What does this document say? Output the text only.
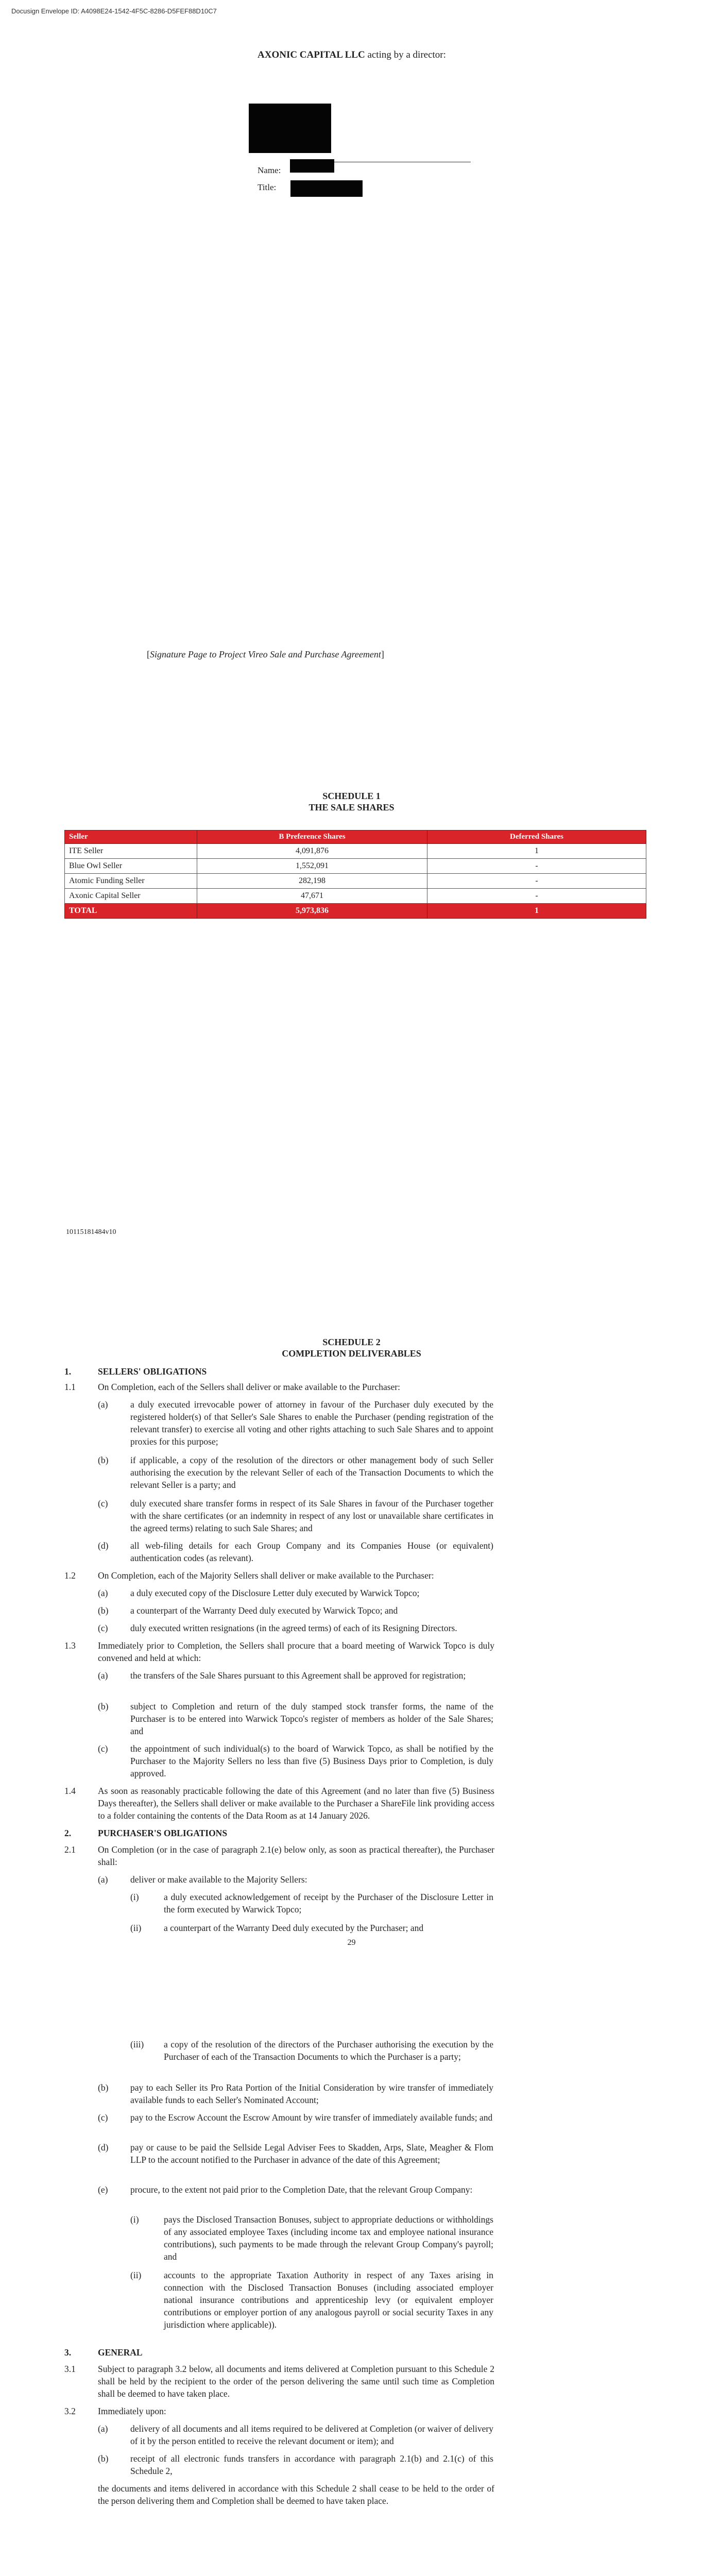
Docusign Envelope ID: A4098E24-1542-4F5C-8286-D5FEF88D10C7
AXONIC CAPITAL LLC acting by a director:
Name:
Title:
[Signature Page to Project Vireo Sale and Purchase Agreement]
SCHEDULE 1
THE SALE SHARES
Seller	B Preference Shares	Deferred Shares
ITE Seller	4,091,876	1
Blue Owl Seller	1,552,091	-
Atomic Funding Seller	282,198	-
Axonic Capital Seller	47,671	-
TOTAL	5,973,836	1
10115181484v10
SCHEDULE 2
COMPLETION DELIVERABLES
1.	SELLERS' OBLIGATIONS
1.1 On Completion, each of the Sellers shall deliver or make available to the Purchaser:
(a) a duly executed irrevocable power of attorney in favour of the Purchaser duly executed by the registered holder(s) of that Seller's Sale Shares to enable the Purchaser (pending registration of the relevant transfer) to exercise all voting and other rights attaching to such Sale Shares and to appoint proxies for this purpose;
(b) if applicable, a copy of the resolution of the directors or other management body of such Seller authorising the execution by the relevant Seller of each of the Transaction Documents to which the relevant Seller is a party; and
(c) duly executed share transfer forms in respect of its Sale Shares in favour of the Purchaser together with the share certificates (or an indemnity in respect of any lost or unavailable share certificates in the agreed terms) relating to such Sale Shares; and
(d) all web-filing details for each Group Company and its Companies House (or equivalent) authentication codes (as relevant).
1.2 On Completion, each of the Majority Sellers shall deliver or make available to the Purchaser:
(a) a duly executed copy of the Disclosure Letter duly executed by Warwick Topco;
(b) a counterpart of the Warranty Deed duly executed by Warwick Topco; and
(c) duly executed written resignations (in the agreed terms) of each of its Resigning Directors.
1.3 Immediately prior to Completion, the Sellers shall procure that a board meeting of Warwick Topco is duly convened and held at which:
(a) the transfers of the Sale Shares pursuant to this Agreement shall be approved for registration;
(b) subject to Completion and return of the duly stamped stock transfer forms, the name of the Purchaser is to be entered into Warwick Topco's register of members as holder of the Sale Shares; and
(c) the appointment of such individual(s) to the board of Warwick Topco, as shall be notified by the Purchaser to the Majority Sellers no less than five (5) Business Days prior to Completion, is duly approved.
1.4 As soon as reasonably practicable following the date of this Agreement (and no later than five (5) Business Days thereafter), the Sellers shall deliver or make available to the Purchaser a ShareFile link providing access to a folder containing the contents of the Data Room as at 14 January 2026.
2.	PURCHASER'S OBLIGATIONS
2.1 On Completion (or in the case of paragraph 2.1(e) below only, as soon as practical thereafter), the Purchaser shall:
(a) deliver or make available to the Majority Sellers:
(i)	a duly executed acknowledgement of receipt by the Purchaser of the Disclosure Letter in the form executed by Warwick Topco;
(ii) a counterpart of the Warranty Deed duly executed by the Purchaser; and
29
(iii) a copy of the resolution of the directors of the Purchaser authorising the execution by the Purchaser of each of the Transaction Documents to which the Purchaser is a party;
(b) pay to each Seller its Pro Rata Portion of the Initial Consideration by wire transfer of immediately available funds to each Seller's Nominated Account;
(c) pay to the Escrow Account the Escrow Amount by wire transfer of immediately available funds; and
(d) pay or cause to be paid the Sellside Legal Adviser Fees to Skadden, Arps, Slate, Meagher & Flom LLP to the account notified to the Purchaser in advance of the date of this Agreement;
(e) procure, to the extent not paid prior to the Completion Date, that the relevant Group Company:
(i)	pays the Disclosed Transaction Bonuses, subject to appropriate deductions or withholdings of any associated employee Taxes (including income tax and employee national insurance contributions), such payments to be made through the relevant Group Company's payroll; and
(ii) accounts to the appropriate Taxation Authority in respect of any Taxes arising in connection with the Disclosed Transaction Bonuses (including associated employer national insurance contributions and apprenticeship levy (or equivalent employer contributions or employer portion of any analogous payroll or social security Taxes in any jurisdiction where applicable)).
3.	GENERAL
3.1 Subject to paragraph 3.2 below, all documents and items delivered at Completion pursuant to this Schedule 2 shall be held by the recipient to the order of the person delivering the same until such time as Completion shall be deemed to have taken place.
3.2 Immediately upon:
(a) delivery of all documents and all items required to be delivered at Completion (or waiver of delivery of it by the person entitled to receive the relevant document or item); and
(b) receipt of all electronic funds transfers in accordance with paragraph 2.1(b) and 2.1(c) of this Schedule 2,
the documents and items delivered in accordance with this Schedule 2 shall cease to be held to the order of the person delivering them and Completion shall be deemed to have taken place.
